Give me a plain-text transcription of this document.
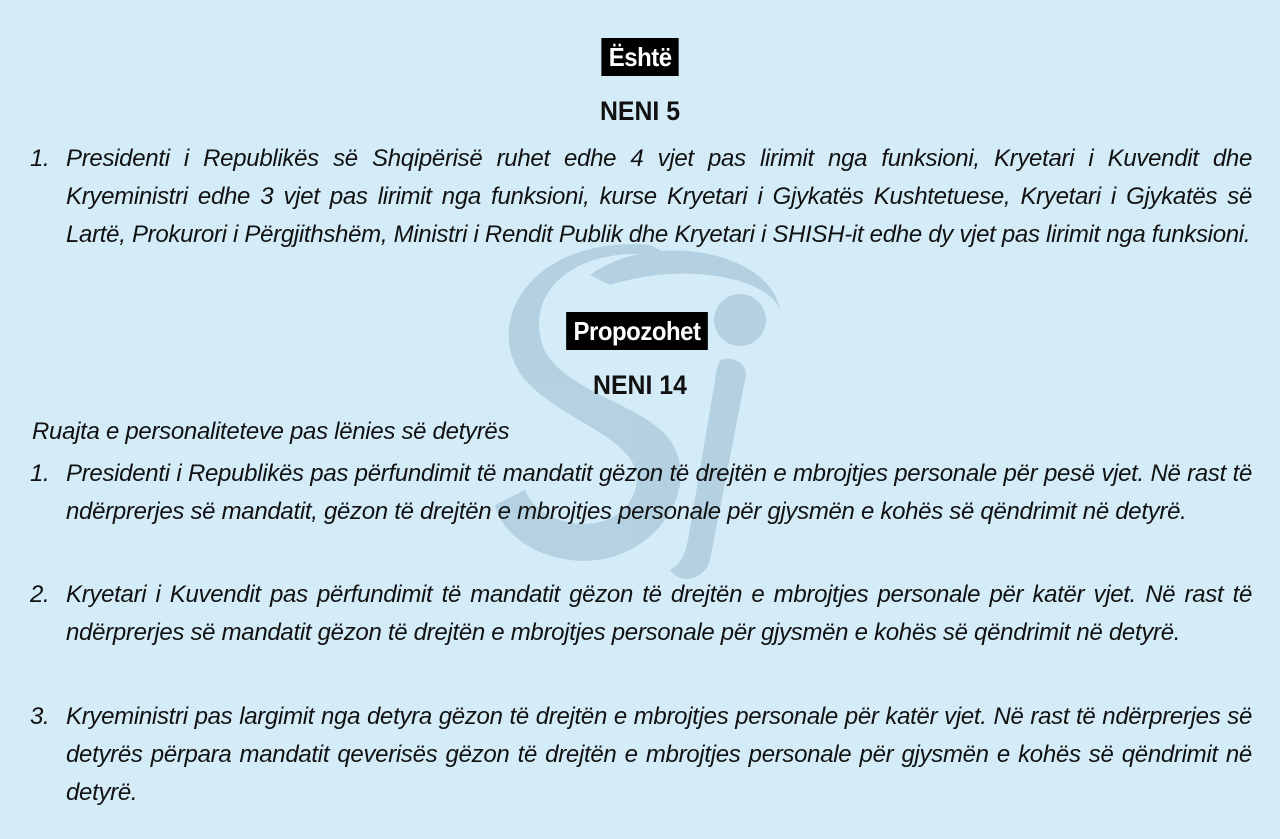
Është
NENI 5
1. Presidenti i Republikës së Shqipërisë ruhet edhe 4 vjet pas lirimit nga funksioni, Kryetari i Kuvendit dhe Kryeministri edhe 3 vjet pas lirimit nga funksioni, kurse Kryetari i Gjykatës Kushtetuese, Kryetari i Gjykatës së Lartë, Prokurori i Përgjithshëm, Ministri i Rendit Publik dhe Kryetari i SHISH-it edhe dy vjet pas lirimit nga funksioni.
Propozohet
NENI 14
Ruajta e personaliteteve pas lënies së detyrës
1. Presidenti i Republikës pas përfundimit të mandatit gëzon të drejtën e mbrojtjes personale për pesë vjet. Në rast të ndërprerjes së mandatit, gëzon të drejtën e mbrojtjes personale për gjysmën e kohës së qëndrimit në detyrë.
2. Kryetari i Kuvendit pas përfundimit të mandatit gëzon të drejtën e mbrojtjes personale për katër vjet. Në rast të ndërprerjes së mandatit gëzon të drejtën e mbrojtjes personale për gjysmën e kohës së qëndrimit në detyrë.
3. Kryeministri pas largimit nga detyra gëzon të drejtën e mbrojtjes personale për katër vjet. Në rast të ndërprerjes së detyrës përpara mandatit qeverisës gëzon të drejtën e mbrojtjes personale për gjysmën e kohës së qëndrimit në detyrë.
